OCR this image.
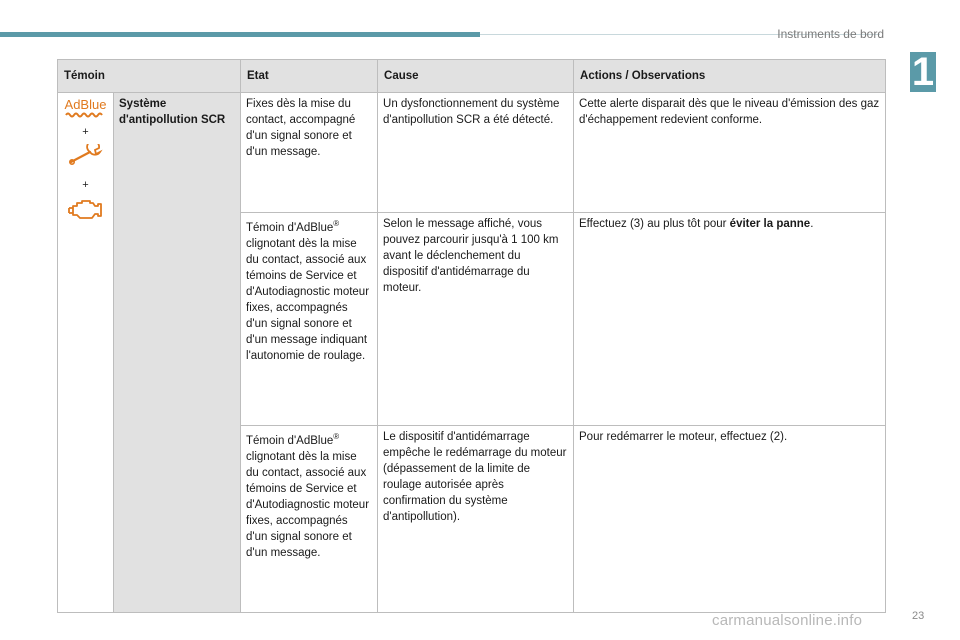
Instruments de bord
1
Témoin		Etat	Cause	Actions / Observations
AdBlue
+
+	Système d'antipollution SCR	Fixes dès la mise du contact, accompagné d'un signal sonore et d'un message.	Un dysfonctionnement du système d'antipollution SCR a été détecté.	Cette alerte disparait dès que le niveau d'émission des gaz d'échappement redevient conforme.
		Témoin d'AdBlue® clignotant dès la mise du contact, associé aux témoins de Service et d'Autodiagnostic moteur fixes, accompagnés d'un signal sonore et d'un message indiquant l'autonomie de roulage.	Selon le message affiché, vous pouvez parcourir jusqu'à 1 100 km avant le déclenchement du dispositif d'antidémarrage du moteur.	Effectuez (3) au plus tôt pour éviter la panne.
		Témoin d'AdBlue® clignotant dès la mise du contact, associé aux témoins de Service et d'Autodiagnostic moteur fixes, accompagnés d'un signal sonore et d'un message.	Le dispositif d'antidémarrage empêche le redémarrage du moteur (dépassement de la limite de roulage autorisée après confirmation du système d'antipollution).	Pour redémarrer le moteur, effectuez (2).
carmanualsonline.info	23
